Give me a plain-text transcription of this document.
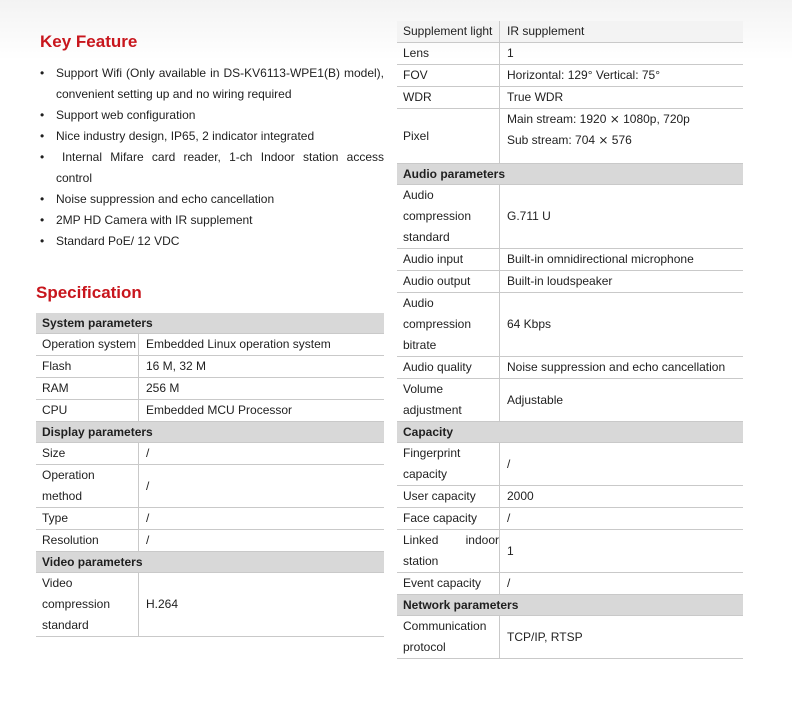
Key Feature
• Support Wifi (Only available in DS-KV6113-WPE1(B) model), convenient setting up and no wiring required
• Support web configuration
• Nice industry design, IP65, 2 indicator integrated
• Internal Mifare card reader, 1-ch Indoor station access control
• Noise suppression and echo cancellation
• 2MP HD Camera with IR supplement
• Standard PoE/ 12 VDC
Specification
System parameters	
Operation system	Embedded Linux operation system
Flash	16 M, 32 M
RAM	256 M
CPU	Embedded MCU Processor
Display parameters	
Size	/
Operation method	/
Type	/
Resolution	/
Video parameters	
Video compression standard	H.264
Supplement light	IR supplement
Lens	1
FOV	Horizontal: 129° Vertical: 75°
WDR	True WDR
Pixel	Main stream: 1920 ⨯ 1080p, 720p
Sub stream: 704 ⨯ 576

Audio parameters	
Audio compression standard	G.711 U
Audio input	Built-in omnidirectional microphone
Audio output	Built-in loudspeaker
Audio compression bitrate	64 Kbps
Audio quality	Noise suppression and echo cancellation
Volume adjustment	Adjustable
Capacity	
Fingerprint capacity	/
User capacity	2000
Face capacity	/
Linked indoor station	1
Event capacity	/
Network parameters	
Communication protocol	TCP/IP, RTSP
